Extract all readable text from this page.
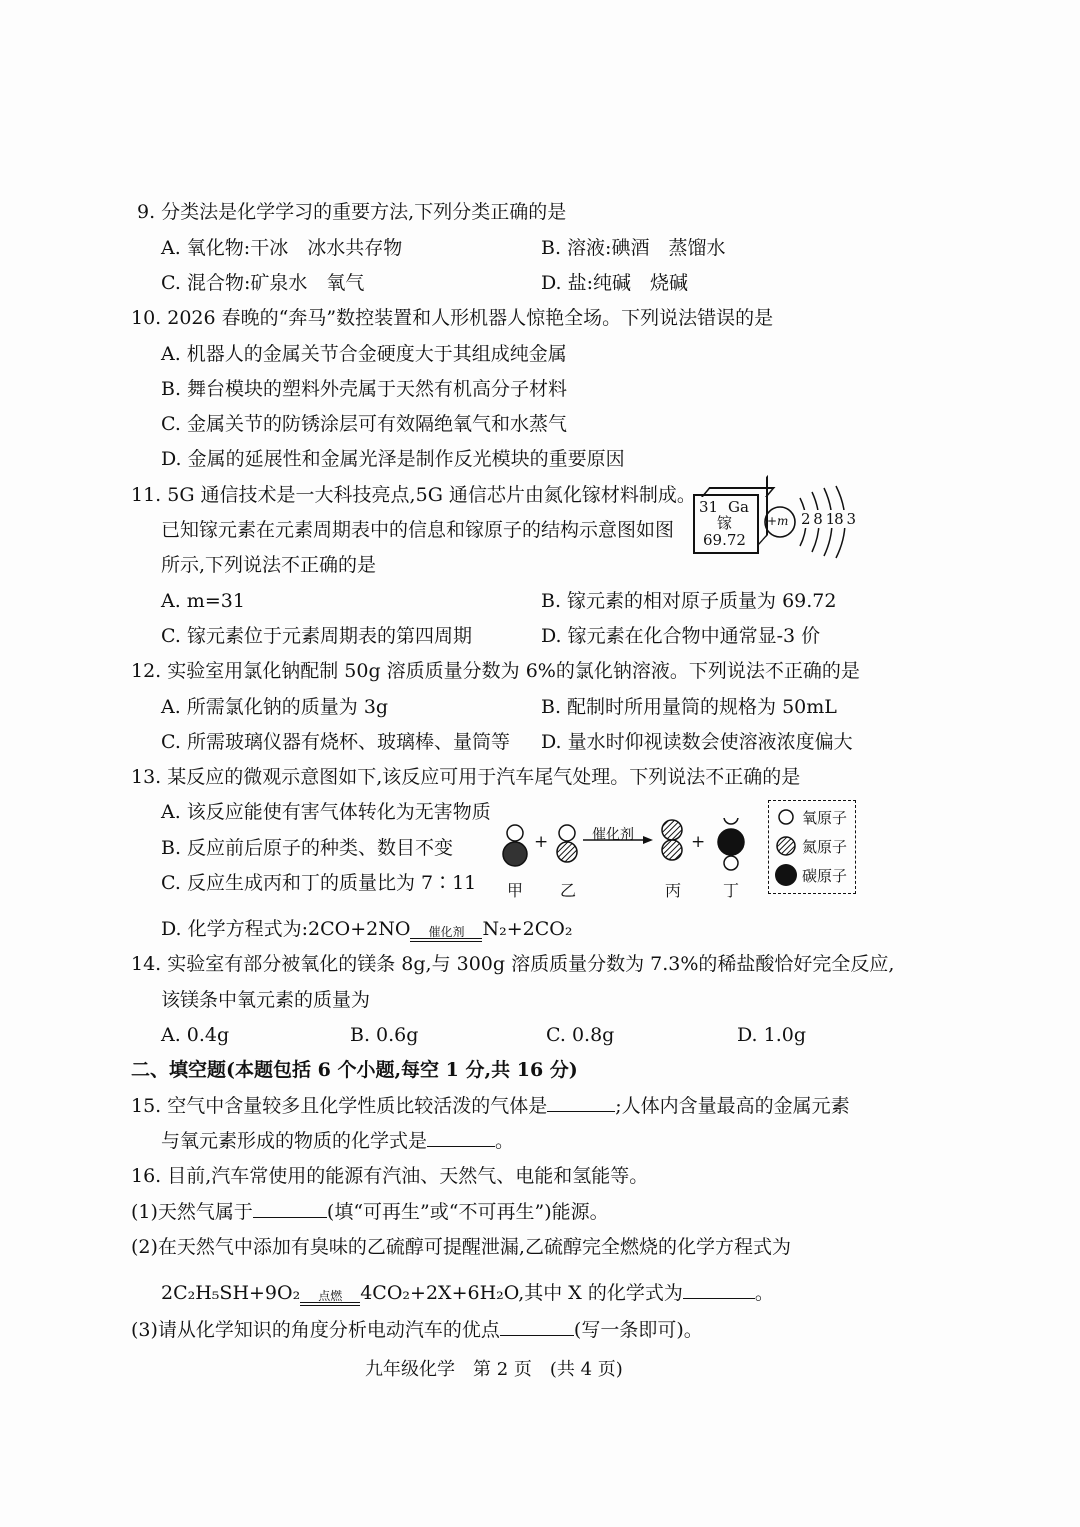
9. 分类法是化学学习的重要方法,下列分类正确的是
A. 氧化物:干冰　冰水共存物	B. 溶液:碘酒　蒸馏水
C. 混合物:矿泉水　氧气	D. 盐:纯碱　烧碱
10. 2026 春晚的“奔马”数控装置和人形机器人惊艳全场。下列说法错误的是
A. 机器人的金属关节合金硬度大于其组成纯金属
B. 舞台模块的塑料外壳属于天然有机高分子材料
C. 金属关节的防锈涂层可有效隔绝氧气和水蒸气
D. 金属的延展性和金属光泽是制作反光模块的重要原因
11. 5G 通信技术是一大科技亮点,5G 通信芯片由氮化镓材料制成。
已知镓元素在元素周期表中的信息和镓原子的结构示意图如图
所示,下列说法不正确的是
31 Ga
镓
69.72
+m 2 8 18 3
A. m=31	B. 镓元素的相对原子质量为 69.72
C. 镓元素位于元素周期表的第四周期	D. 镓元素在化合物中通常显-3 价
12. 实验室用氯化钠配制 50g 溶质质量分数为 6%的氯化钠溶液。下列说法不正确的是
A. 所需氯化钠的质量为 3g	B. 配制时所用量筒的规格为 50mL
C. 所需玻璃仪器有烧杯、玻璃棒、量筒等 D. 量水时仰视读数会使溶液浓度偏大
13. 某反应的微观示意图如下,该反应可用于汽车尾气处理。下列说法不正确的是
A. 该反应能使有害气体转化为无害物质
B. 反应前后原子的种类、数目不变
C. 反应生成丙和丁的质量比为 7∶11
+	+
催化剂
甲 乙	丙	丁
氧原子
氮原子
碳原子
D. 化学方程式为:2CO+2NO	催化剂 N₂+2CO₂
14. 实验室有部分被氧化的镁条 8g,与 300g 溶质质量分数为 7.3%的稀盐酸恰好完全反应,
该镁条中氧元素的质量为
A. 0.4g	B. 0.6g	C. 0.8g	D. 1.0g
二、填空题(本题包括 6 个小题,每空 1 分,共 16 分)
15. 空气中含量较多且化学性质比较活泼的气体是	;人体内含量最高的金属元素
与氧元素形成的物质的化学式是	。
16. 目前,汽车常使用的能源有汽油、天然气、电能和氢能等。
(1)天然气属于	(填“可再生”或“不可再生”)能源。
(2)在天然气中添加有臭味的乙硫醇可提醒泄漏,乙硫醇完全燃烧的化学方程式为
2C₂H₅SH+9O₂	点燃 4CO₂+2X+6H₂O,其中 X 的化学式为	。
(3)请从化学知识的角度分析电动汽车的优点	(写一条即可)。
九年级化学　第 2 页　(共 4 页)
